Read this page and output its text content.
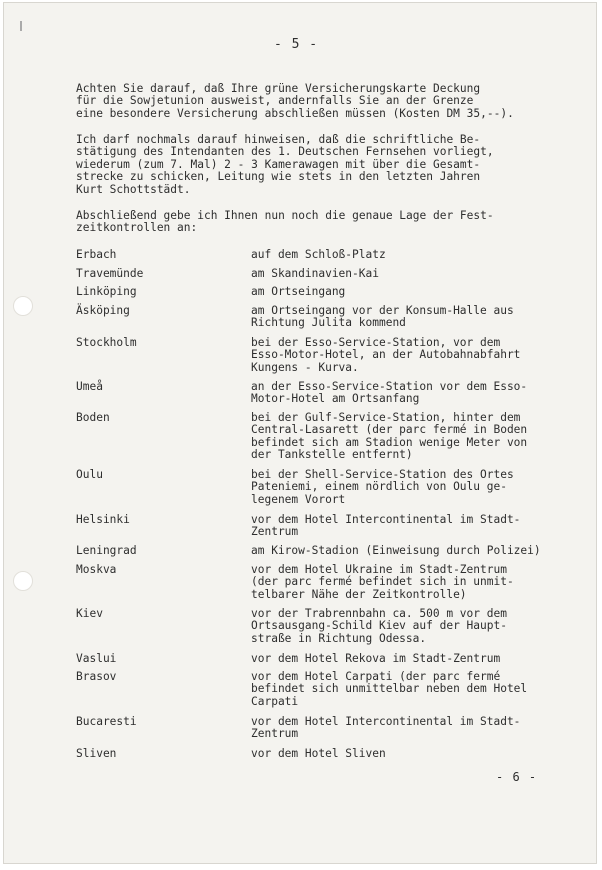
- 5 -

Achten Sie darauf, daß Ihre grüne Versicherungskarte Deckung
für die Sowjetunion ausweist, andernfalls Sie an der Grenze
eine besondere Versicherung abschließen müssen (Kosten DM 35,--).

Ich darf nochmals darauf hinweisen, daß die schriftliche Be-
stätigung des Intendanten des 1. Deutschen Fernsehen vorliegt,
wiederum (zum 7. Mal) 2 - 3 Kamerawagen mit über die Gesamt-
strecke zu schicken, Leitung wie stets in den letzten Jahren
Kurt Schottstädt.

Abschließend gebe ich Ihnen nun noch die genaue Lage der Fest-
zeitkontrollen an:

Erbach	auf dem Schloß-Platz
Travemünde	am Skandinavien-Kai
Linköping	am Ortseingang
Äsköping	am Ortseingang vor der Konsum-Halle aus
Richtung Julita kommend
Stockholm	bei der Esso-Service-Station, vor dem
Esso-Motor-Hotel, an der Autobahnabfahrt
Kungens - Kurva.
Umeå	an der Esso-Service-Station vor dem Esso-
Motor-Hotel am Ortsanfang
Boden	bei der Gulf-Service-Station, hinter dem
Central-Lasarett (der parc fermé in Boden
befindet sich am Stadion wenige Meter von
der Tankstelle entfernt)
Oulu	bei der Shell-Service-Station des Ortes
Pateniemi, einem nördlich von Oulu ge-
legenem Vorort
Helsinki	vor dem Hotel Intercontinental im Stadt-
Zentrum
Leningrad	am Kirow-Stadion (Einweisung durch Polizei)
Moskva	vor dem Hotel Ukraine im Stadt-Zentrum
(der parc fermé befindet sich in unmit-
telbarer Nähe der Zeitkontrolle)
Kiev	vor der Trabrennbahn ca. 500 m vor dem
Ortsausgang-Schild Kiev auf der Haupt-
straße in Richtung Odessa.
Vaslui	vor dem Hotel Rekova im Stadt-Zentrum
Brasov	vor dem Hotel Carpati (der parc fermé
befindet sich unmittelbar neben dem Hotel
Carpati
Bucaresti	vor dem Hotel Intercontinental im Stadt-
Zentrum
Sliven	vor dem Hotel Sliven
- 6 -
